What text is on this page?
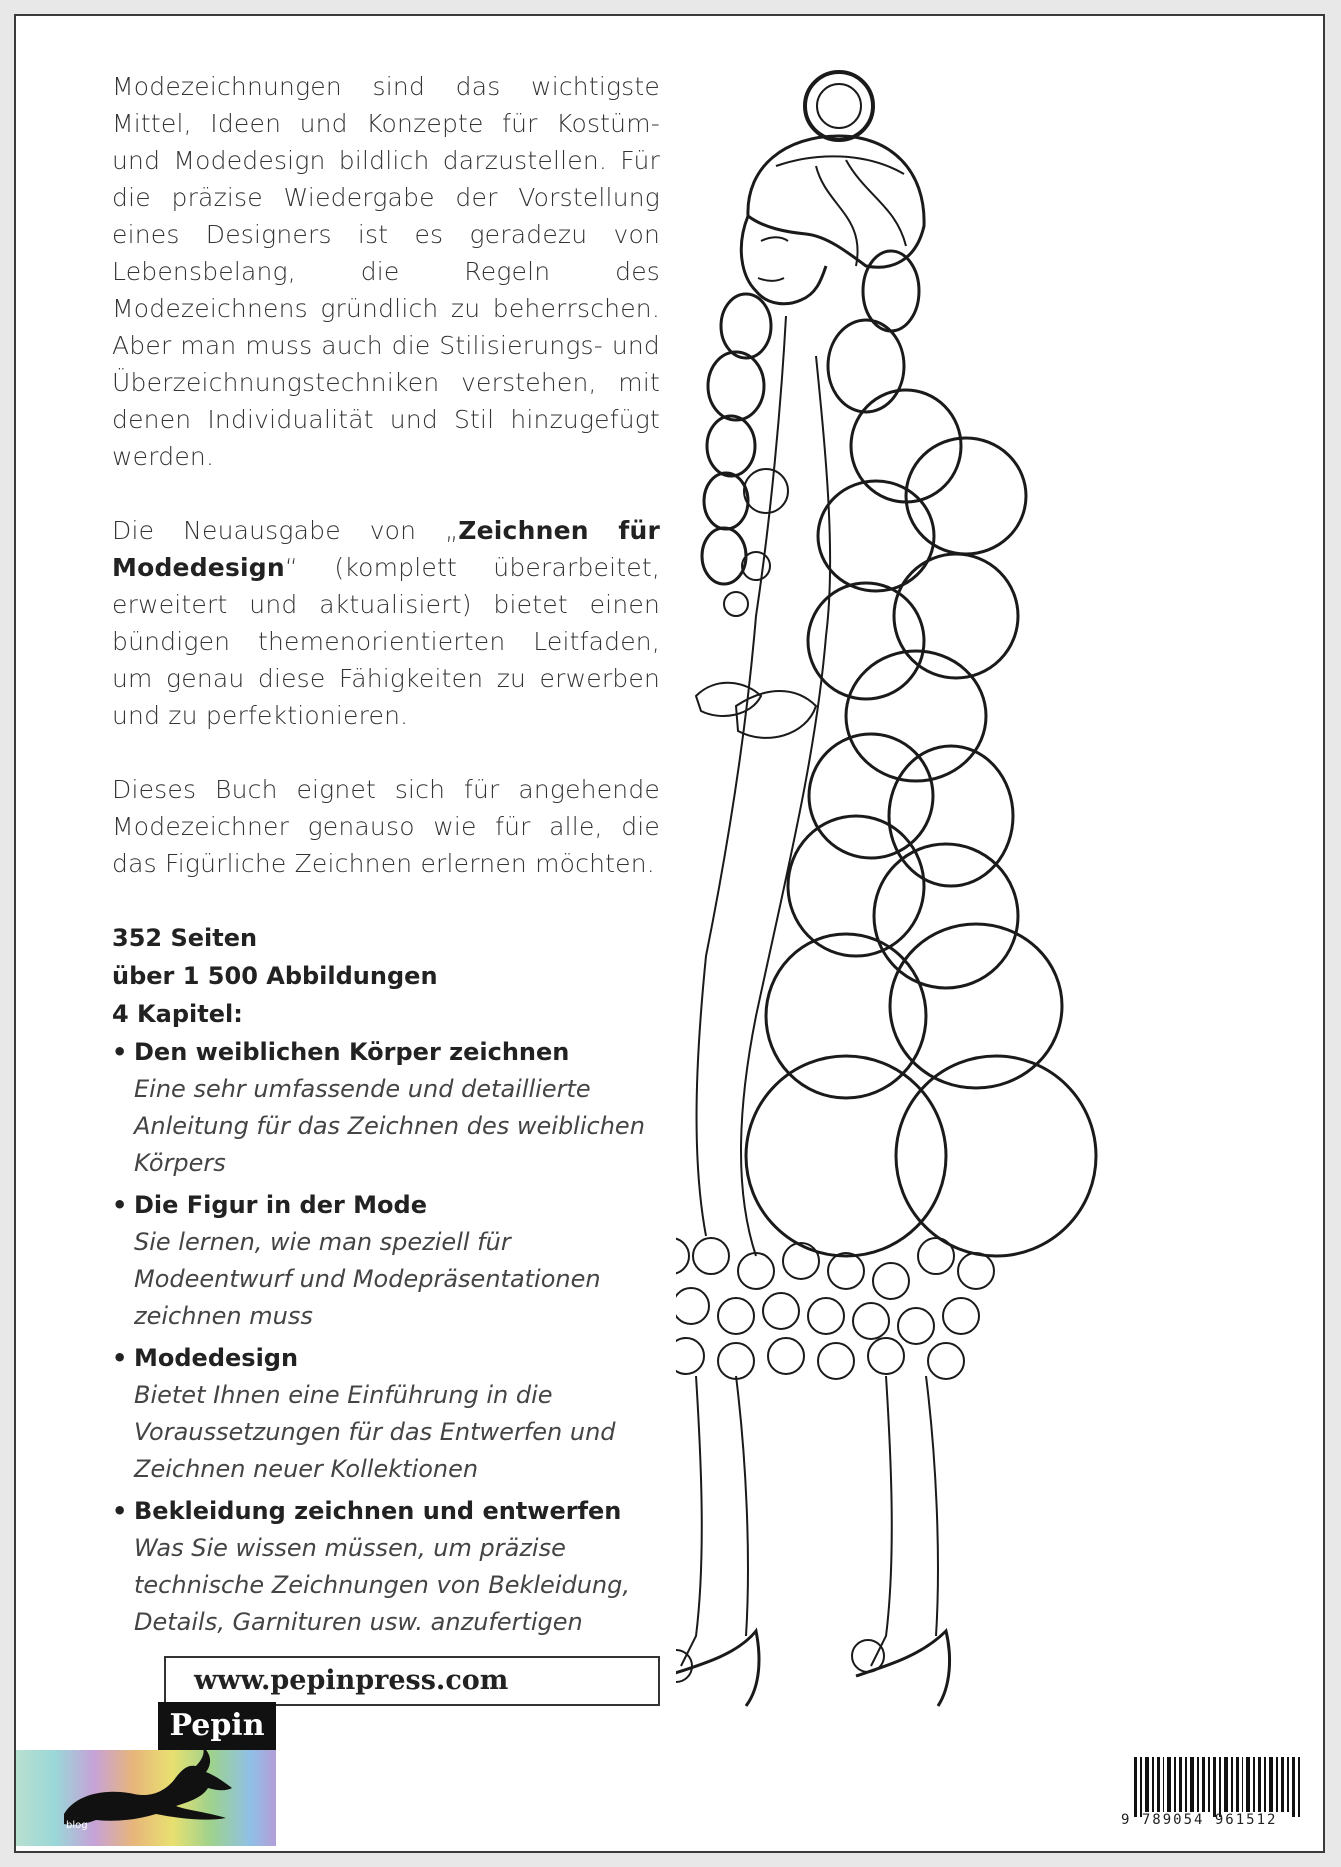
Modezeichnungen sind das wichtigste Mittel, Ideen und Konzepte für Kostüm- und Modedesign bildlich darzustellen. Für die präzise Wiedergabe der Vorstellung eines Designers ist es geradezu von Lebensbelang, die Regeln des Modezeichnens gründlich zu beherrschen. Aber man muss auch die Stilisierungs- und Überzeichnungstechniken verstehen, mit denen Individualität und Stil hinzugefügt werden.

Die Neuausgabe von „Zeichnen für Modedesign“ (komplett überarbeitet, erweitert und aktualisiert) bietet einen bündigen themenorientierten Leitfaden, um genau diese Fähigkeiten zu erwerben und zu perfektionieren.

Dieses Buch eignet sich für angehende Modezeichner genauso wie für alle, die das Figürliche Zeichnen erlernen möchten.

352 Seiten
über 1 500 Abbildungen
4 Kapitel:
• Den weiblichen Körper zeichnen
Eine sehr umfassende und detaillierte Anleitung für das Zeichnen des weiblichen Körpers
• Die Figur in der Mode
Sie lernen, wie man speziell für Modeentwurf und Modepräsentationen zeichnen muss
• Modedesign
Bietet Ihnen eine Einführung in die Voraussetzungen für das Entwerfen und Zeichnen neuer Kollektionen
• Bekleidung zeichnen und entwerfen
Was Sie wissen müssen, um präzise technische Zeichnungen von Bekleidung, Details, Garnituren usw. anzufertigen
www.pepinpress.com
Pepin
blog	9 789054 961512
